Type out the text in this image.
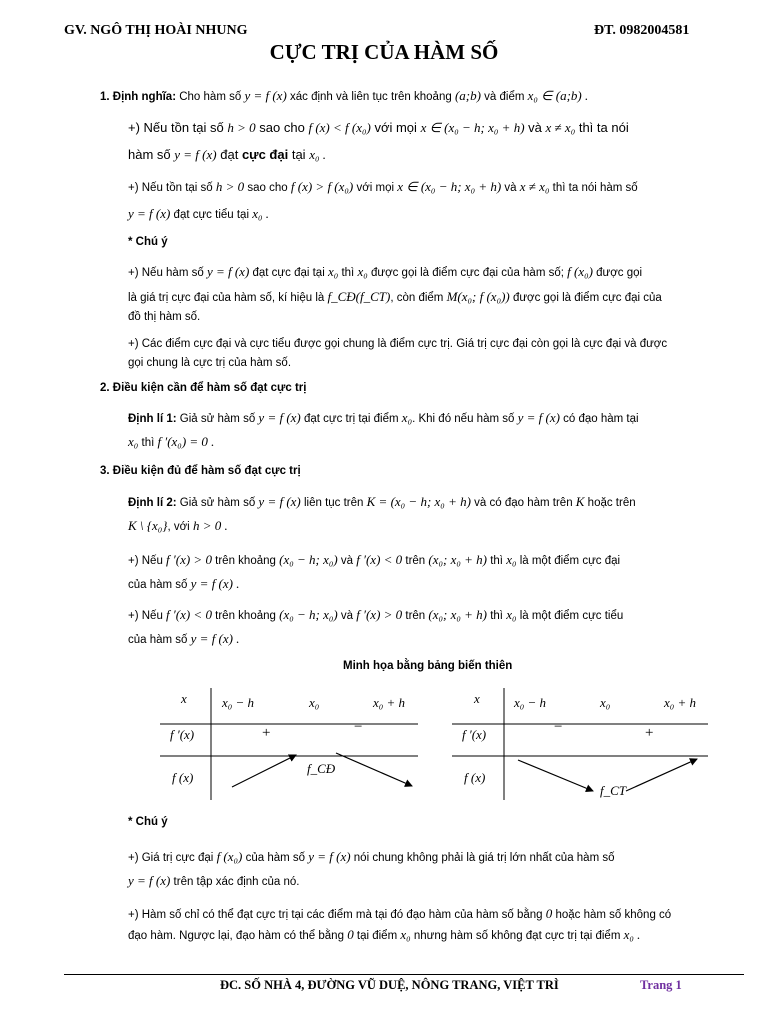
GV. NGÔ THỊ HOÀI NHUNG	ĐT. 0982004581
CỰC TRỊ CỦA HÀM SỐ
1. Định nghĩa: Cho hàm số y = f (x) xác định và liên tục trên khoảng (a;b) và điểm x₀ ∈ (a;b) .
+) Nếu tồn tại số h > 0 sao cho f (x) < f (x₀) với mọi x ∈ (x₀ − h; x₀ + h) và x ≠ x₀ thì ta nói
hàm số y = f (x) đạt cực đại tại x₀ .
+) Nếu tồn tại số h > 0 sao cho f (x) > f (x₀) với mọi x ∈ (x₀ − h; x₀ + h) và x ≠ x₀ thì ta nói hàm số
y = f (x) đạt cực tiểu tại x₀ .
* Chú ý
+) Nếu hàm số y = f (x) đạt cực đại tại x₀ thì x₀ được gọi là điểm cực đại của hàm số; f (x₀) được gọi
là giá trị cực đại của hàm số, kí hiệu là f_CĐ(f_CT), còn điểm M(x₀; f (x₀)) được gọi là điểm cực đại của
đồ thị hàm số.
+) Các điểm cực đại và cực tiểu được gọi chung là điểm cực trị. Giá trị cực đại còn gọi là cực đại và được
gọi chung là cực trị của hàm số.
2. Điều kiện cần để hàm số đạt cực trị
Định lí 1: Giả sử hàm số y = f (x) đạt cực trị tại điểm x₀. Khi đó nếu hàm số y = f (x) có đạo hàm tại
x₀ thì f ′(x₀) = 0 .
3. Điều kiện đủ để hàm số đạt cực trị
Định lí 2: Giả sử hàm số y = f (x) liên tục trên K = (x₀ − h; x₀ + h) và có đạo hàm trên K hoặc trên
K \ {x₀}, với h > 0 .
+) Nếu f ′(x) > 0 trên khoảng (x₀ − h; x₀) và f ′(x) < 0 trên (x₀; x₀ + h) thì x₀ là một điểm cực đại
của hàm số y = f (x) .
+) Nếu f ′(x) < 0 trên khoảng (x₀ − h; x₀) và f ′(x) > 0 trên (x₀; x₀ + h) thì x₀ là một điểm cực tiểu
của hàm số y = f (x) .
Minh họa bằng bảng biến thiên
x	x₀ − h	x₀	x₀ + h
f ′(x)	+	−
f (x)
f_CĐ
x	x₀ − h	x₀	x₀ + h
f ′(x)	−	+
f (x)
f_CT
* Chú ý
+) Giá trị cực đại f (x₀) của hàm số y = f (x) nói chung không phải là giá trị lớn nhất của hàm số
y = f (x) trên tập xác định của nó.
+) Hàm số chỉ có thể đạt cực trị tại các điểm mà tại đó đạo hàm của hàm số bằng 0 hoặc hàm số không có
đạo hàm. Ngược lại, đạo hàm có thể bằng 0 tại điểm x₀ nhưng hàm số không đạt cực trị tại điểm x₀ .
ĐC. SỐ NHÀ 4, ĐƯỜNG VŨ DUỆ, NÔNG TRANG, VIỆT TRÌ	Trang 1
